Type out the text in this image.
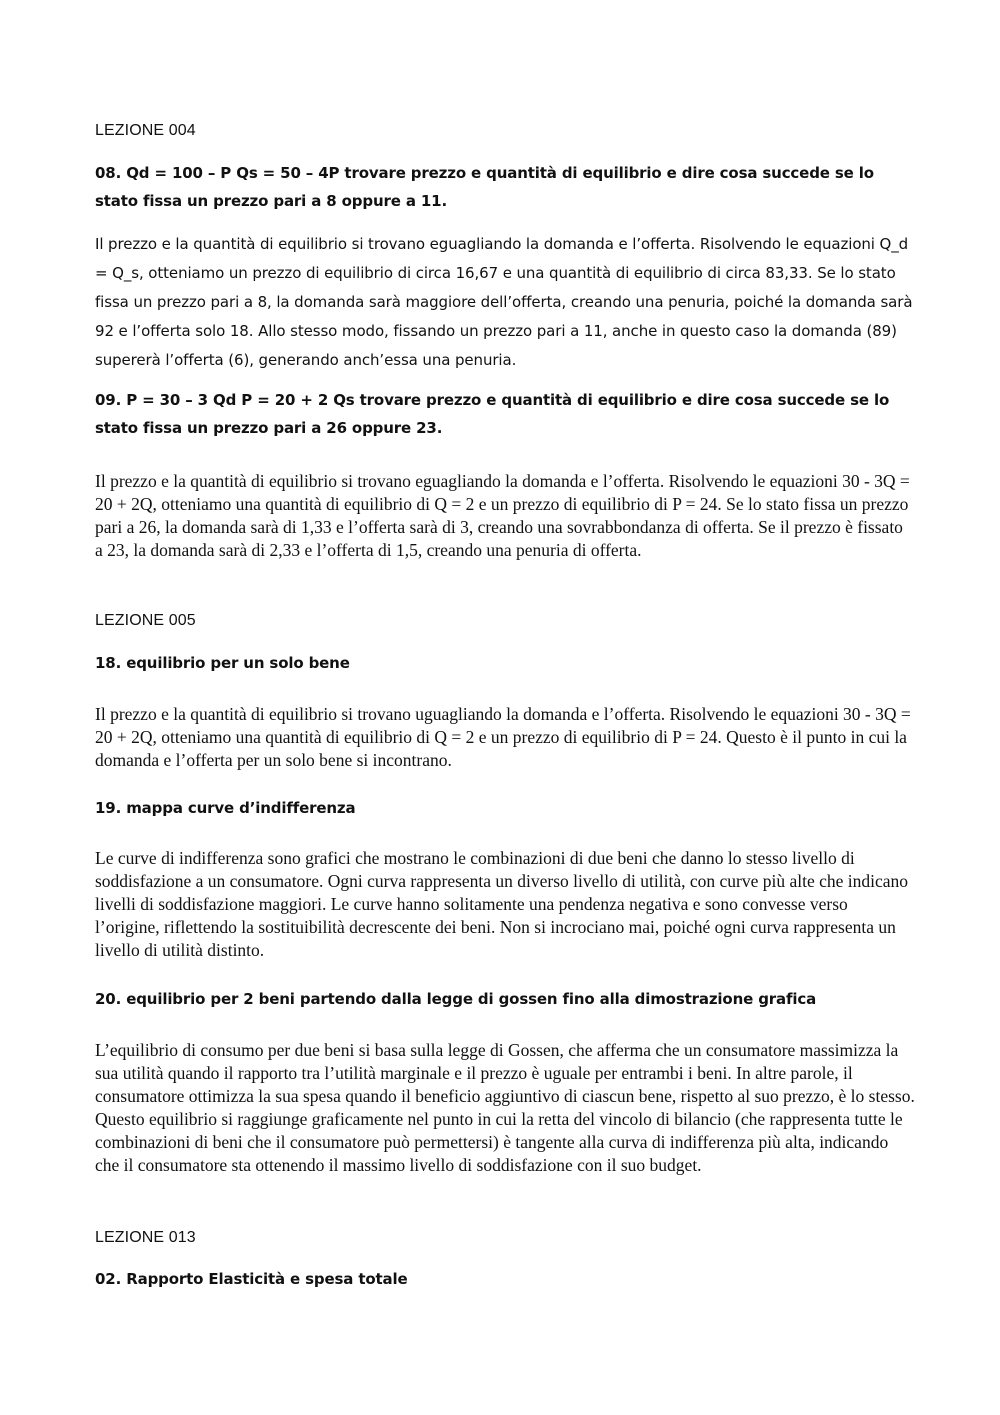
LEZIONE 004

08. Qd = 100 – P Qs = 50 – 4P trovare prezzo e quantità di equilibrio e dire cosa succede se lo stato fissa un prezzo pari a 8 oppure a 11.

Il prezzo e la quantità di equilibrio si trovano eguagliando la domanda e l’offerta. Risolvendo le equazioni Q_d = Q_s, otteniamo un prezzo di equilibrio di circa 16,67 e una quantità di equilibrio di circa 83,33. Se lo stato fissa un prezzo pari a 8, la domanda sarà maggiore dell’offerta, creando una penuria, poiché la domanda sarà 92 e l’offerta solo 18. Allo stesso modo, fissando un prezzo pari a 11, anche in questo caso la domanda (89) supererà l’offerta (6), generando anch’essa una penuria.

09. P = 30 – 3 Qd P = 20 + 2 Qs trovare prezzo e quantità di equilibrio e dire cosa succede se lo stato fissa un prezzo pari a 26 oppure 23.

Il prezzo e la quantità di equilibrio si trovano eguagliando la domanda e l’offerta. Risolvendo le equazioni 30 - 3Q = 20 + 2Q, otteniamo una quantità di equilibrio di Q = 2 e un prezzo di equilibrio di P = 24. Se lo stato fissa un prezzo pari a 26, la domanda sarà di 1,33 e l’offerta sarà di 3, creando una sovrabbondanza di offerta. Se il prezzo è fissato a 23, la domanda sarà di 2,33 e l’offerta di 1,5, creando una penuria di offerta.

LEZIONE 005

18. equilibrio per un solo bene

Il prezzo e la quantità di equilibrio si trovano uguagliando la domanda e l’offerta. Risolvendo le equazioni 30 - 3Q = 20 + 2Q, otteniamo una quantità di equilibrio di Q = 2 e un prezzo di equilibrio di P = 24. Questo è il punto in cui la domanda e l’offerta per un solo bene si incontrano.

19. mappa curve d’indifferenza

Le curve di indifferenza sono grafici che mostrano le combinazioni di due beni che danno lo stesso livello di soddisfazione a un consumatore. Ogni curva rappresenta un diverso livello di utilità, con curve più alte che indicano livelli di soddisfazione maggiori. Le curve hanno solitamente una pendenza negativa e sono convesse verso l’origine, riflettendo la sostituibilità decrescente dei beni. Non si incrociano mai, poiché ogni curva rappresenta un livello di utilità distinto.

20. equilibrio per 2 beni partendo dalla legge di gossen fino alla dimostrazione grafica

L’equilibrio di consumo per due beni si basa sulla legge di Gossen, che afferma che un consumatore massimizza la sua utilità quando il rapporto tra l’utilità marginale e il prezzo è uguale per entrambi i beni. In altre parole, il consumatore ottimizza la sua spesa quando il beneficio aggiuntivo di ciascun bene, rispetto al suo prezzo, è lo stesso. Questo equilibrio si raggiunge graficamente nel punto in cui la retta del vincolo di bilancio (che rappresenta tutte le combinazioni di beni che il consumatore può permettersi) è tangente alla curva di indifferenza più alta, indicando che il consumatore sta ottenendo il massimo livello di soddisfazione con il suo budget.

LEZIONE 013

02. Rapporto Elasticità e spesa totale
